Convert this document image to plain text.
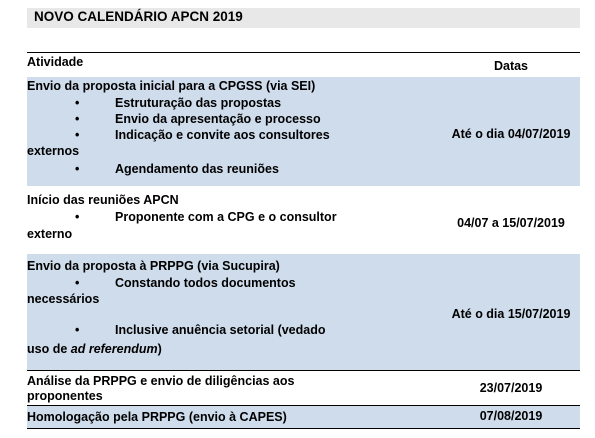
NOVO CALENDÁRIO APCN 2019
Atividade	Datas
Envio da proposta inicial para a CPGSS (via SEI)
•	Estruturação das propostas
•	Envio da apresentação e processo
•	Indicação e convite aos consultores
externos
•	Agendamento das reuniões
Até o dia 04/07/2019
Início das reuniões APCN
•	Proponente com a CPG e o consultor
externo
04/07 a 15/07/2019
Envio da proposta à PRPPG (via Sucupira)
•	Constando todos documentos
necessários
•	Inclusive anuência setorial (vedado
uso de ad referendum)
Até o dia 15/07/2019
Análise da PRPPG e envio de diligências aos
proponentes
23/07/2019
Homologação pela PRPPG (envio à CAPES)	07/08/2019
